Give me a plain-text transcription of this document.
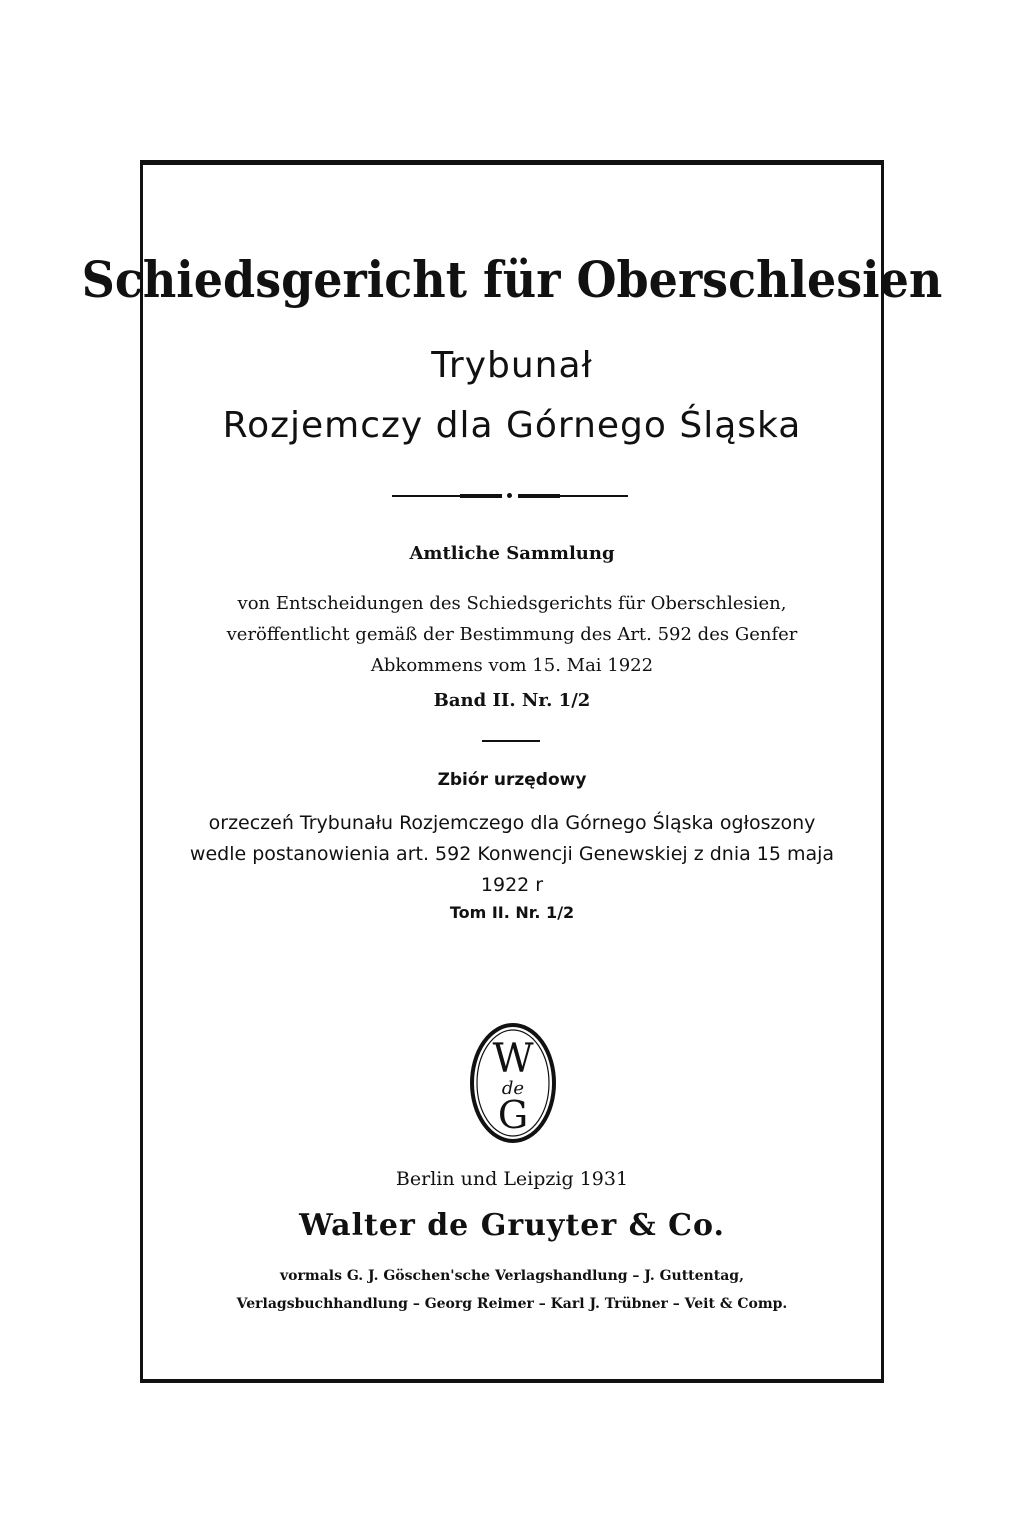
Schiedsgericht für Oberschlesien
Trybunał
Rozjemczy dla Górnego Śląska
Amtliche Sammlung
von Entscheidungen des Schiedsgerichts für Oberschlesien, veröffentlicht gemäß der Bestimmung des Art. 592 des Genfer Abkommens vom 15. Mai 1922
Band II. Nr. 1/2
Zbiór urzędowy
orzeczeń Trybunału Rozjemczego dla Górnego Śląska ogłoszony wedle postanowienia art. 592 Konwencji Genewskiej z dnia 15 maja 1922 r
Tom II. Nr. 1/2
W
de
G
Berlin und Leipzig 1931
Walter de Gruyter & Co.
vormals G. J. Göschen'sche Verlagshandlung – J. Guttentag, Verlagsbuchhandlung – Georg Reimer – Karl J. Trübner – Veit & Comp.
